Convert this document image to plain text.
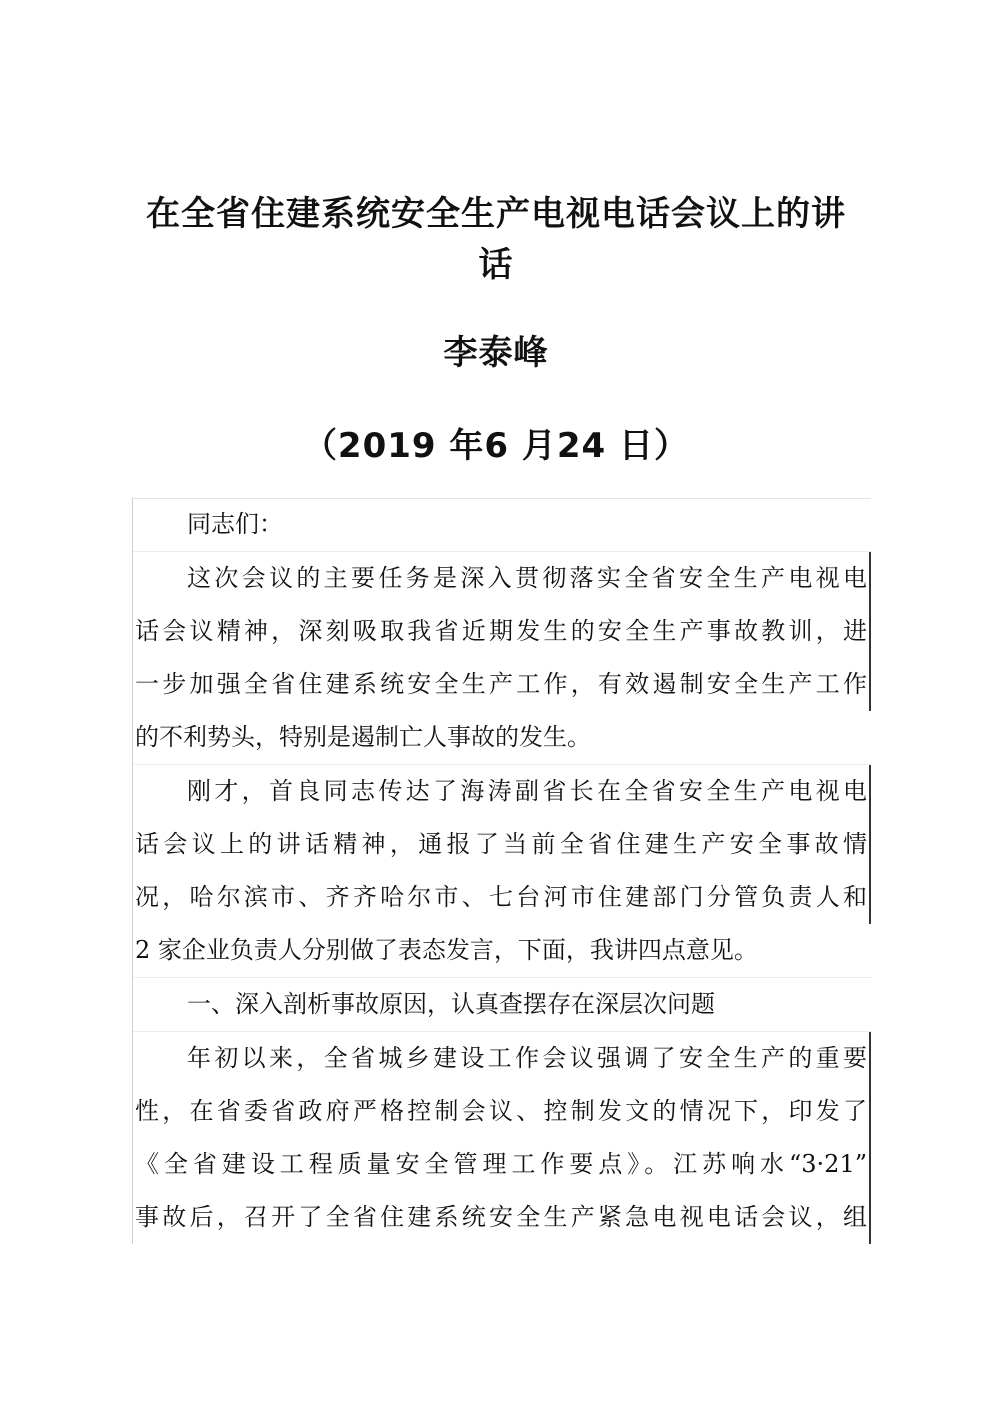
在全省住建系统安全生产电视电话会议上的讲
话
李泰峰
（2019 年6 月24 日）
同志们：
这次会议的主要任务是深入贯彻落实全省安全生产电视电
话会议精神，深刻吸取我省近期发生的安全生产事故教训，进
一步加强全省住建系统安全生产工作，有效遏制安全生产工作
的不利势头，特别是遏制亡人事故的发生。
刚才，首良同志传达了海涛副省长在全省安全生产电视电
话会议上的讲话精神，通报了当前全省住建生产安全事故情
况，哈尔滨市、齐齐哈尔市、七台河市住建部门分管负责人和
2 家企业负责人分别做了表态发言，下面，我讲四点意见。
一、深入剖析事故原因，认真查摆存在深层次问题
年初以来，全省城乡建设工作会议强调了安全生产的重要
性，在省委省政府严格控制会议、控制发文的情况下，印发了
《全省建设工程质量安全管理工作要点》。江苏响水“3·21”
事故后，召开了全省住建系统安全生产紧急电视电话会议，组
